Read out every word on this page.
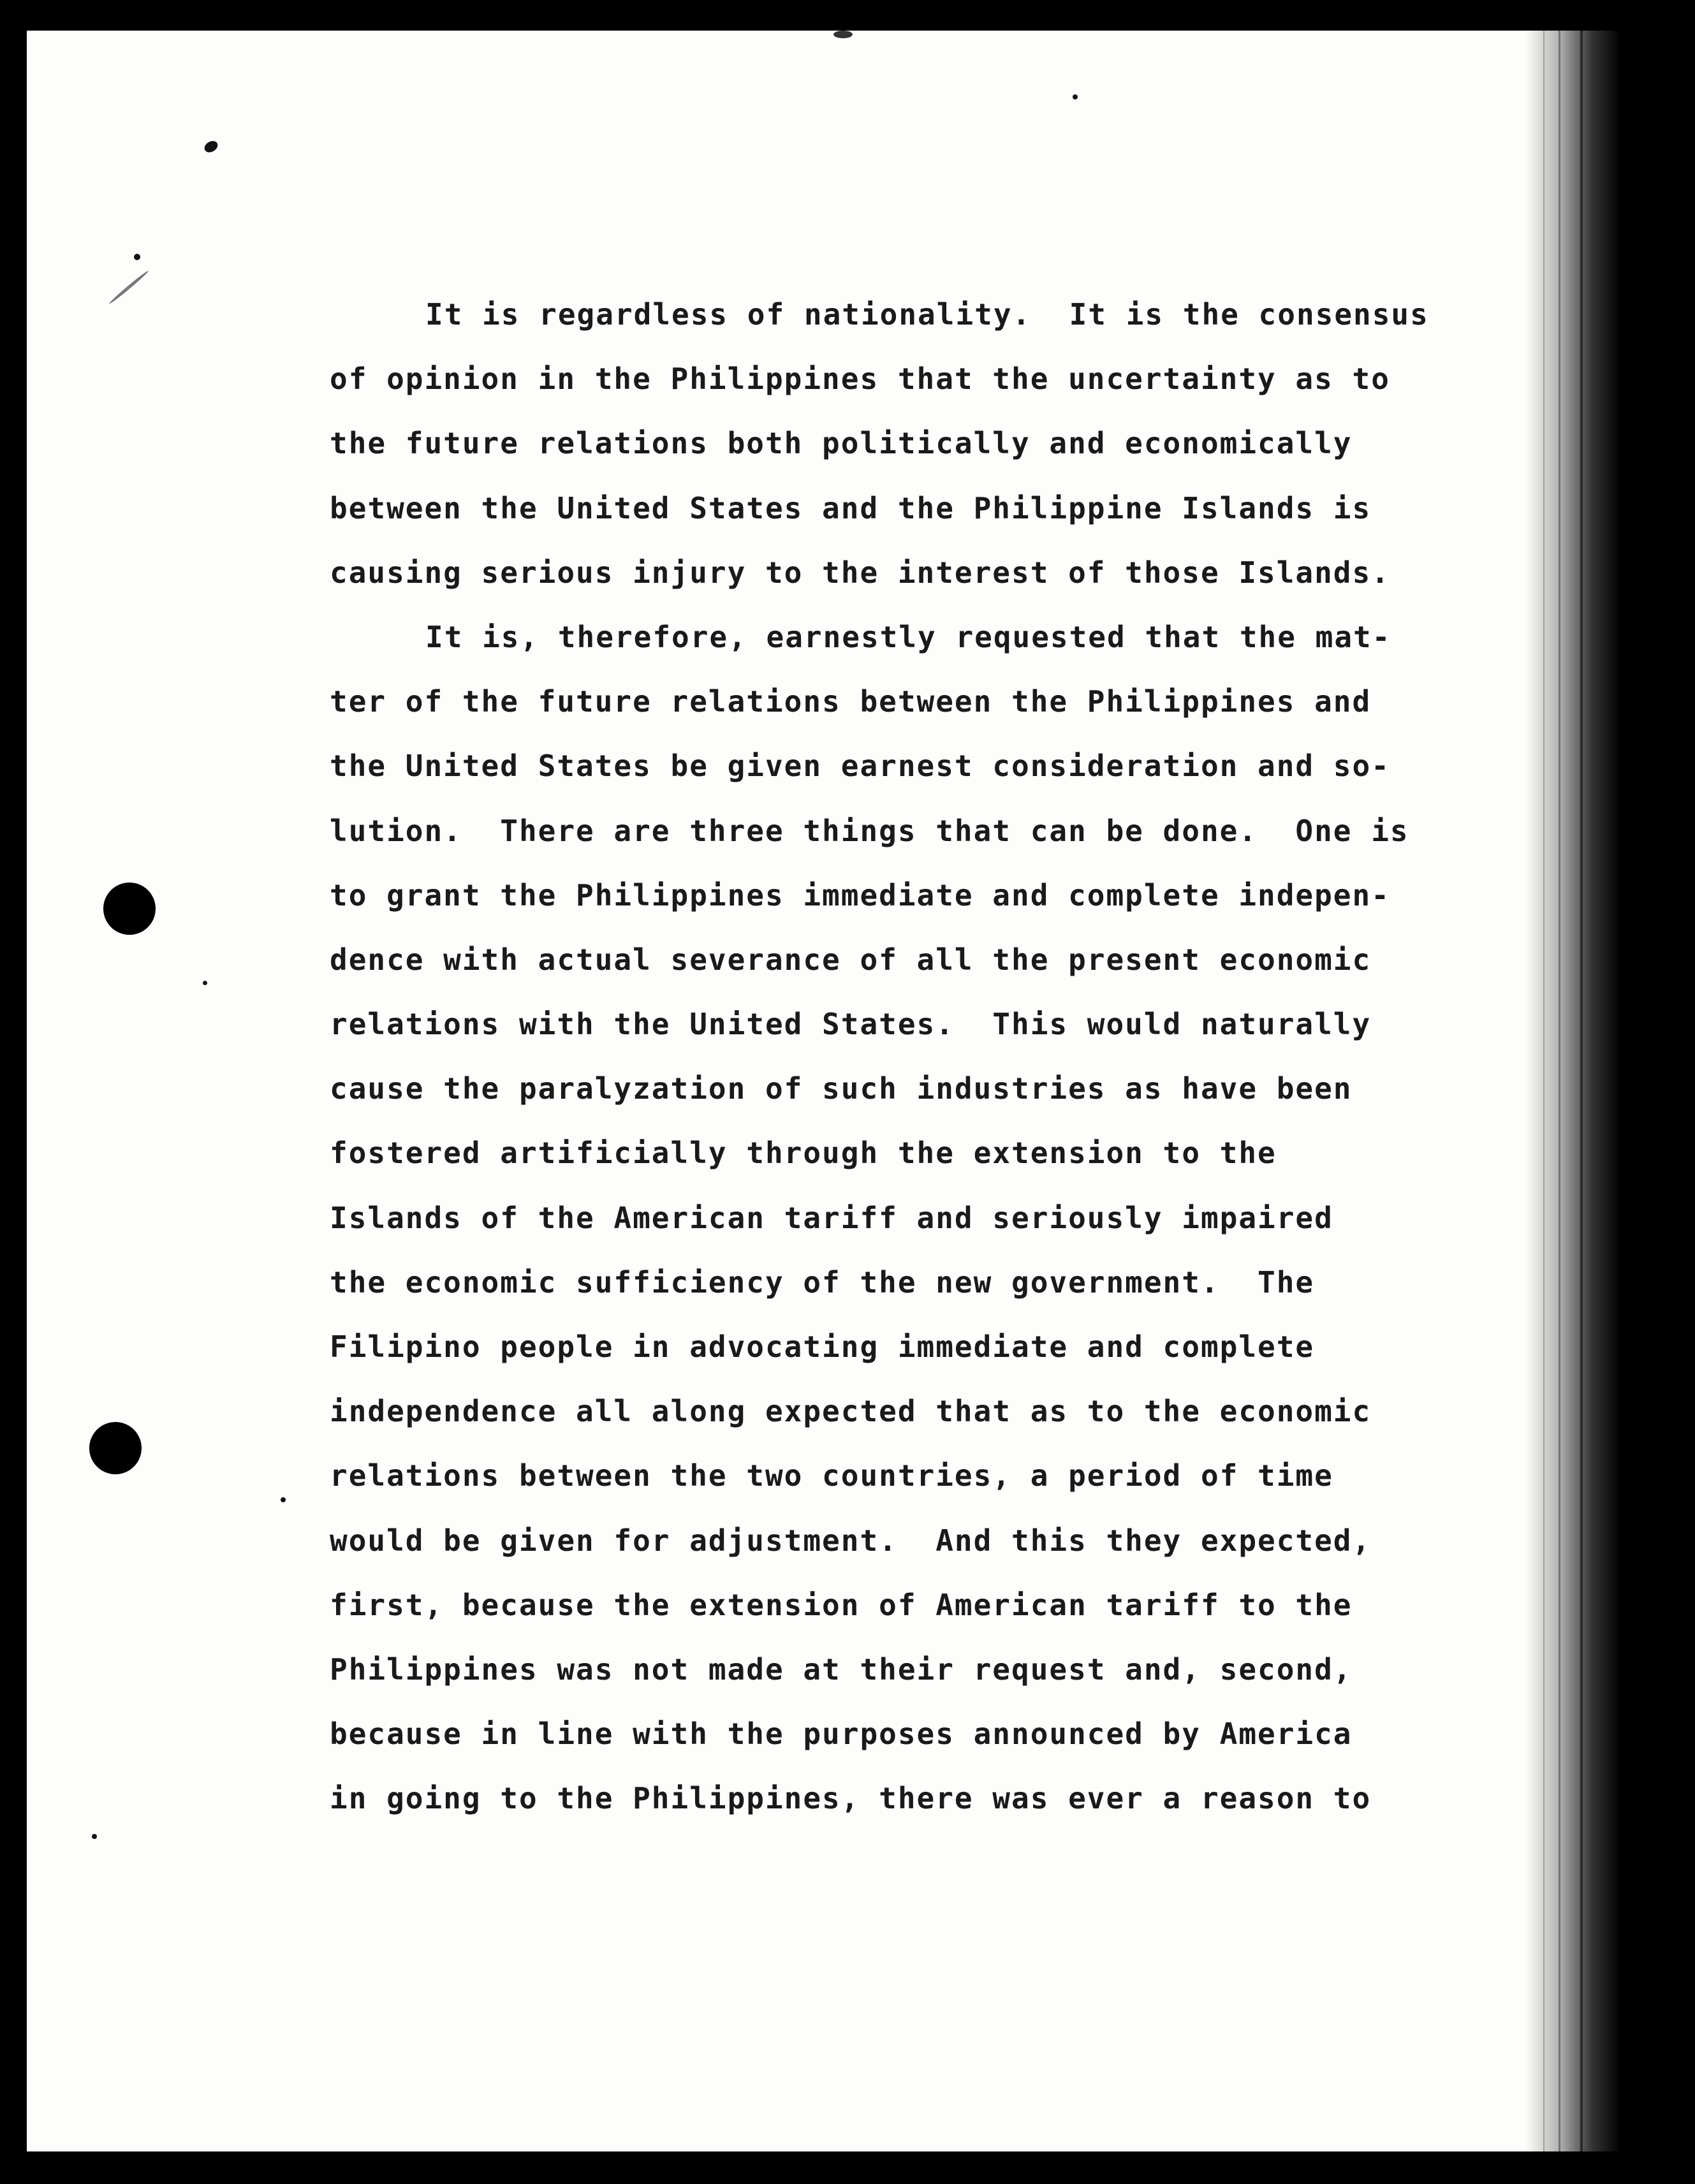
It is regardless of nationality.  It is the consensus
of opinion in the Philippines that the uncertainty as to
the future relations both politically and economically
between the United States and the Philippine Islands is
causing serious injury to the interest of those Islands.
It is, therefore, earnestly requested that the mat-
ter of the future relations between the Philippines and
the United States be given earnest consideration and so-
lution.  There are three things that can be done.  One is
to grant the Philippines immediate and complete indepen-
dence with actual severance of all the present economic
relations with the United States.  This would naturally
cause the paralyzation of such industries as have been
fostered artificially through the extension to the
Islands of the American tariff and seriously impaired
the economic sufficiency of the new government.  The
Filipino people in advocating immediate and complete
independence all along expected that as to the economic
relations between the two countries, a period of time
would be given for adjustment.  And this they expected,
first, because the extension of American tariff to the
Philippines was not made at their request and, second,
because in line with the purposes announced by America
in going to the Philippines, there was ever a reason to
